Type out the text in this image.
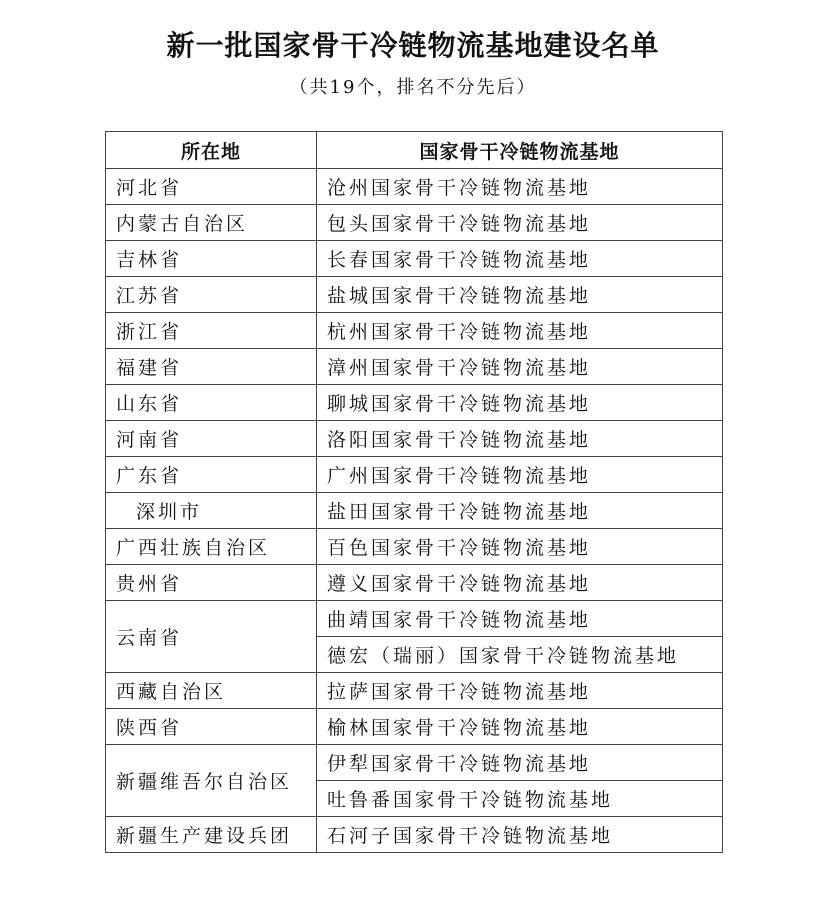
新一批国家骨干冷链物流基地建设名单
（共19个，排名不分先后）
所在地	国家骨干冷链物流基地
河北省	沧州国家骨干冷链物流基地
内蒙古自治区	包头国家骨干冷链物流基地
吉林省	长春国家骨干冷链物流基地
江苏省	盐城国家骨干冷链物流基地
浙江省	杭州国家骨干冷链物流基地
福建省	漳州国家骨干冷链物流基地
山东省	聊城国家骨干冷链物流基地
河南省	洛阳国家骨干冷链物流基地
广东省	广州国家骨干冷链物流基地
深圳市	盐田国家骨干冷链物流基地
广西壮族自治区	百色国家骨干冷链物流基地
贵州省	遵义国家骨干冷链物流基地
云南省	曲靖国家骨干冷链物流基地
	德宏（瑞丽）国家骨干冷链物流基地
西藏自治区	拉萨国家骨干冷链物流基地
陕西省	榆林国家骨干冷链物流基地
新疆维吾尔自治区	伊犁国家骨干冷链物流基地
	吐鲁番国家骨干冷链物流基地
新疆生产建设兵团	石河子国家骨干冷链物流基地
